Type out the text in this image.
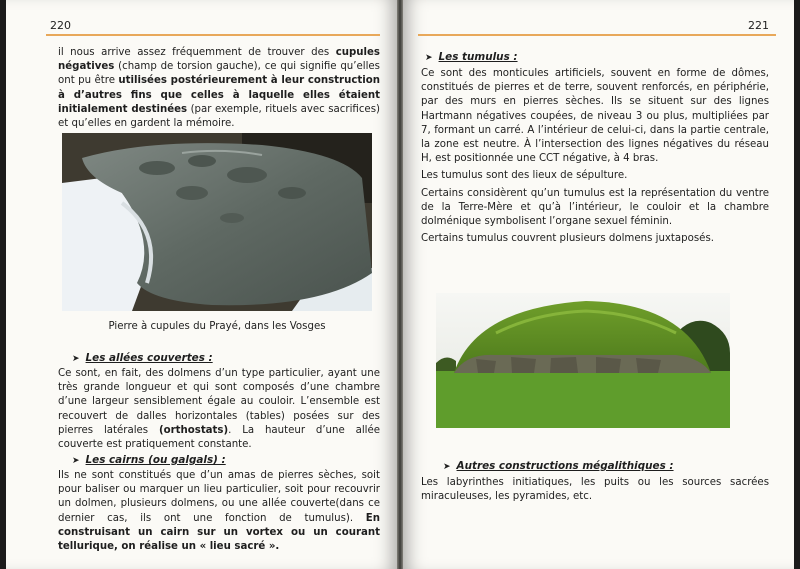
220
il nous arrive assez fréquemment de trouver des cupules négatives (champ de torsion gauche), ce qui signifie qu’elles ont pu être utilisées postérieurement à leur construction à d’autres fins que celles à laquelle elles étaient initialement destinées (par exemple, rituels avec sacrifices) et qu’elles en gardent la mémoire.
Pierre à cupules du Prayé, dans les Vosges
➤ Les allées couvertes :
Ce sont, en fait, des dolmens d’un type particulier, ayant une très grande longueur et qui sont composés d’une chambre d’une largeur sensiblement égale au couloir. L’ensemble est recouvert de dalles horizontales (tables) posées sur des pierres latérales (orthostats). La hauteur d’une allée couverte est pratiquement constante.
➤ Les cairns (ou galgals) :
Ils ne sont constitués que d’un amas de pierres sèches, soit pour baliser ou marquer un lieu particulier, soit pour recouvrir un dolmen, plusieurs dolmens, ou une allée couverte(dans ce dernier cas, ils ont une fonction de tumulus). En construisant un cairn sur un vortex ou un courant tellurique, on réalise un « lieu sacré ».
221
➤ Les tumulus :

Ce sont des monticules artificiels, souvent en forme de dômes, constitués de pierres et de terre, souvent renforcés, en périphérie, par des murs en pierres sèches. Ils se situent sur des lignes Hartmann négatives coupées, de niveau 3 ou plus, multipliées par 7, formant un carré. A l’intérieur de celui-ci, dans la partie centrale, la zone est neutre. À l’intersection des lignes négatives du réseau H, est positionnée une CCT négative, à 4 bras.

Les tumulus sont des lieux de sépulture.

Certains considèrent qu’un tumulus est la représentation du ventre de la Terre-Mère et qu’à l’intérieur, le couloir et la chambre dolménique symbolisent l’organe sexuel féminin.

Certains tumulus couvrent plusieurs dolmens juxtaposés.

➤ Autres constructions mégalithiques :

Les labyrinthes initiatiques, les puits ou les sources sacrées miraculeuses, les pyramides, etc.
